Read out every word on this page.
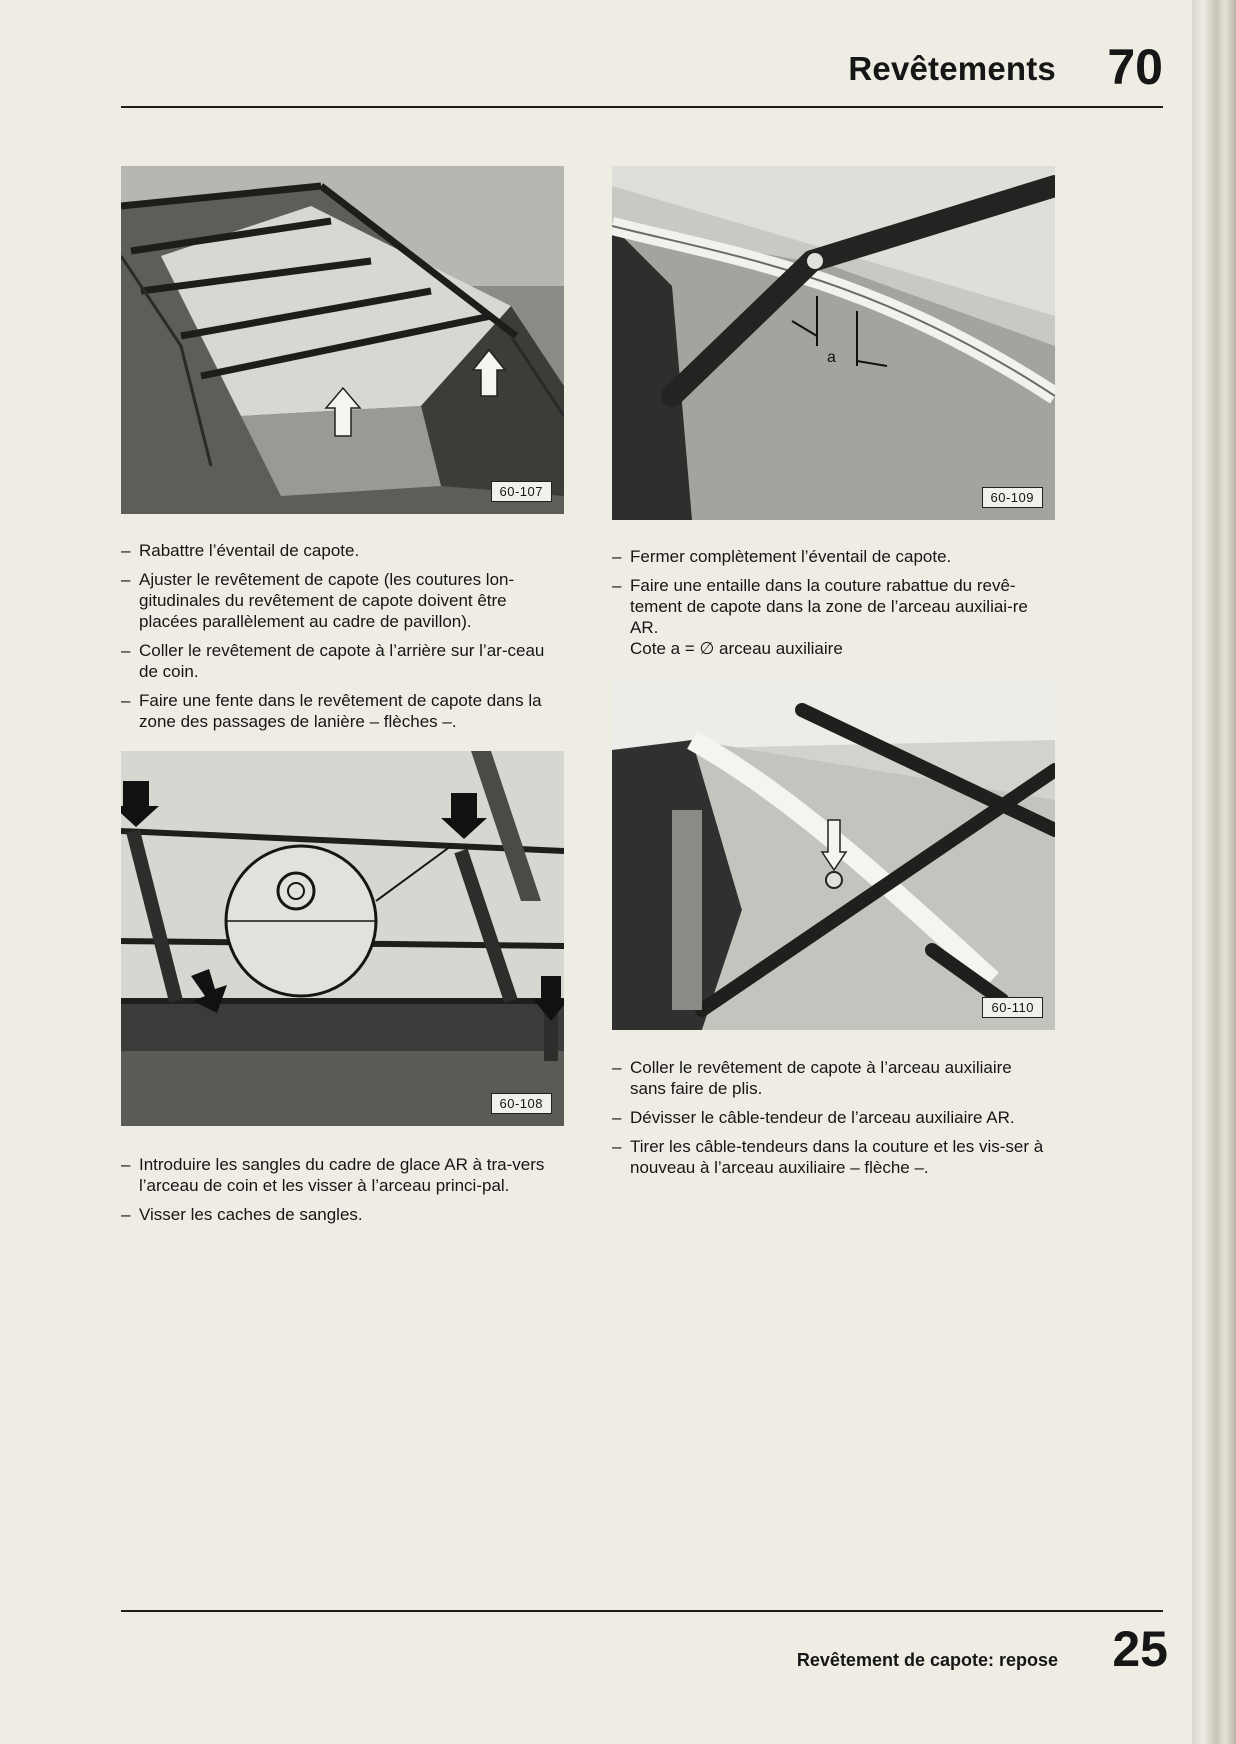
Revêtements 70
60-107
a
60-109
– Rabattre l’éventail de capote.
– Ajuster le revêtement de capote (les coutures lon-gitudinales du revêtement de capote doivent être placées parallèlement au cadre de pavillon).
– Coller le revêtement de capote à l’arrière sur l’ar-ceau de coin.
– Faire une fente dans le revêtement de capote dans la zone des passages de lanière – flèches –.
– Fermer complètement l’éventail de capote.
– Faire une entaille dans la couture rabattue du revê-tement de capote dans la zone de l’arceau auxiliai-re AR.
Cote a = ∅ arceau auxiliaire
60-110
60-108
– Coller le revêtement de capote à l’arceau auxiliaire sans faire de plis.
– Dévisser le câble-tendeur de l’arceau auxiliaire AR.
– Tirer les câble-tendeurs dans la couture et les vis-ser à nouveau à l’arceau auxiliaire – flèche –.
– Introduire les sangles du cadre de glace AR à tra-vers l’arceau de coin et les visser à l’arceau princi-pal.
– Visser les caches de sangles.
Revêtement de capote: repose 25
